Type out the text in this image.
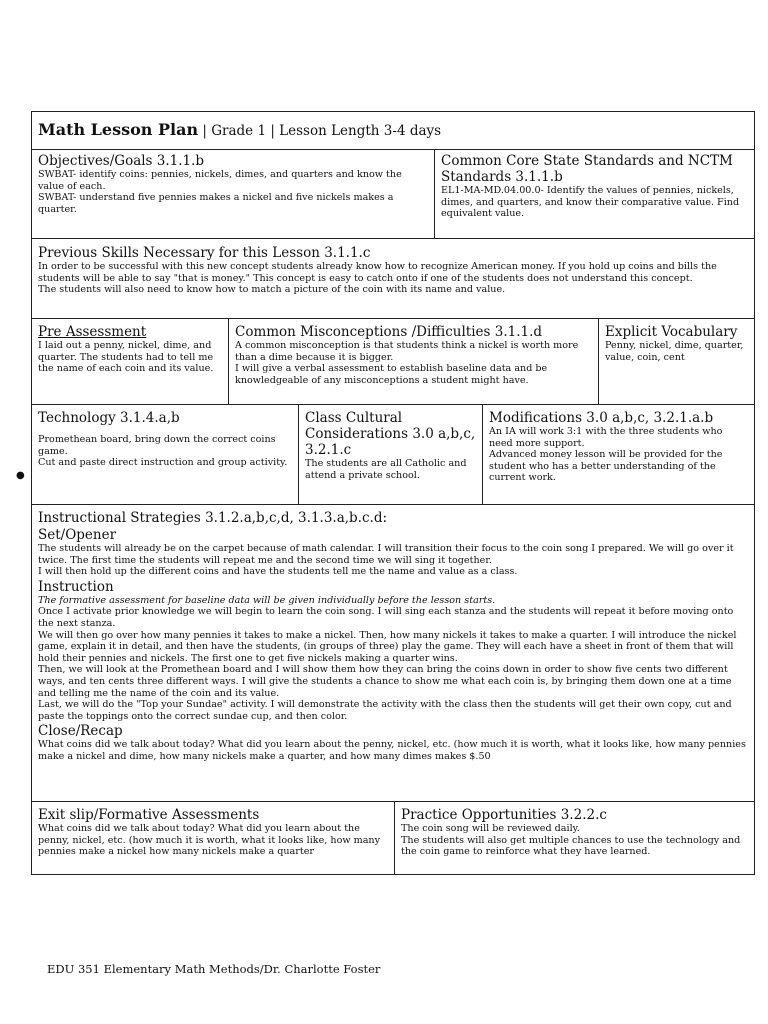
Math Lesson Plan | Grade 1 | Lesson Length 3-4 days
Objectives/Goals 3.1.1.b

SWBAT- identify coins: pennies, nickels, dimes, and quarters and know the value of each.

SWBAT- understand five pennies makes a nickel and five nickels makes a quarter.

Common Core State Standards and NCTM Standards 3.1.1.b

EL1-MA-MD.04.00.0- Identify the values of pennies, nickels, dimes, and quarters, and know their comparative value. Find equivalent value.

Previous Skills Necessary for this Lesson 3.1.1.c

In order to be successful with this new concept students already know how to recognize American money. If you hold up coins and bills the students will be able to say "that is money." This concept is easy to catch onto if one of the students does not understand this concept.

The students will also need to know how to match a picture of the coin with its name and value.

Pre Assessment

I laid out a penny, nickel, dime, and quarter. The students had to tell me the name of each coin and its value.

Common Misconceptions /Difficulties 3.1.1.d

A common misconception is that students think a nickel is worth more than a dime because it is bigger.

I will give a verbal assessment to establish baseline data and be knowledgeable of any misconceptions a student might have.

Explicit Vocabulary

Penny, nickel, dime, quarter, value, coin, cent

Technology 3.1.4.a,b

Promethean board, bring down the correct coins game.

Cut and paste direct instruction and group activity.

Class Cultural Considerations 3.0 a,b,c, 3.2.1.c

The students are all Catholic and attend a private school.

Modifications 3.0 a,b,c, 3.2.1.a.b

An IA will work 3:1 with the three students who need more support.

Advanced money lesson will be provided for the student who has a better understanding of the current work.

Instructional Strategies 3.1.2.a,b,c,d, 3.1.3.a,b.c.d:
Set/Opener

The students will already be on the carpet because of math calendar. I will transition their focus to the coin song I prepared. We will go over it twice. The first time the students will repeat me and the second time we will sing it together.

I will then hold up the different coins and have the students tell me the name and value as a class.

Instruction

The formative assessment for baseline data will be given individually before the lesson starts.

Once I activate prior knowledge we will begin to learn the coin song. I will sing each stanza and the students will repeat it before moving onto the next stanza.

We will then go over how many pennies it takes to make a nickel. Then, how many nickels it takes to make a quarter. I will introduce the nickel game, explain it in detail, and then have the students, (in groups of three) play the game. They will each have a sheet in front of them that will hold their pennies and nickels. The first one to get five nickels making a quarter wins.

Then, we will look at the Promethean board and I will show them how they can bring the coins down in order to show five cents two different ways, and ten cents three different ways. I will give the students a chance to show me what each coin is, by bringing them down one at a time and telling me the name of the coin and its value.

Last, we will do the "Top your Sundae" activity. I will demonstrate the activity with the class then the students will get their own copy, cut and paste the toppings onto the correct sundae cup, and then color.

Close/Recap

What coins did we talk about today? What did you learn about the penny, nickel, etc. (how much it is worth, what it looks like, how many pennies make a nickel and dime, how many nickels make a quarter, and how many dimes makes $.50

Exit slip/Formative Assessments

What coins did we talk about today? What did you learn about the penny, nickel, etc. (how much it is worth, what it looks like, how many pennies make a nickel how many nickels make a quarter

Practice Opportunities 3.2.2.c

The coin song will be reviewed daily.

The students will also get multiple chances to use the technology and the coin game to reinforce what they have learned.

●
EDU 351 Elementary Math Methods/Dr. Charlotte Foster
